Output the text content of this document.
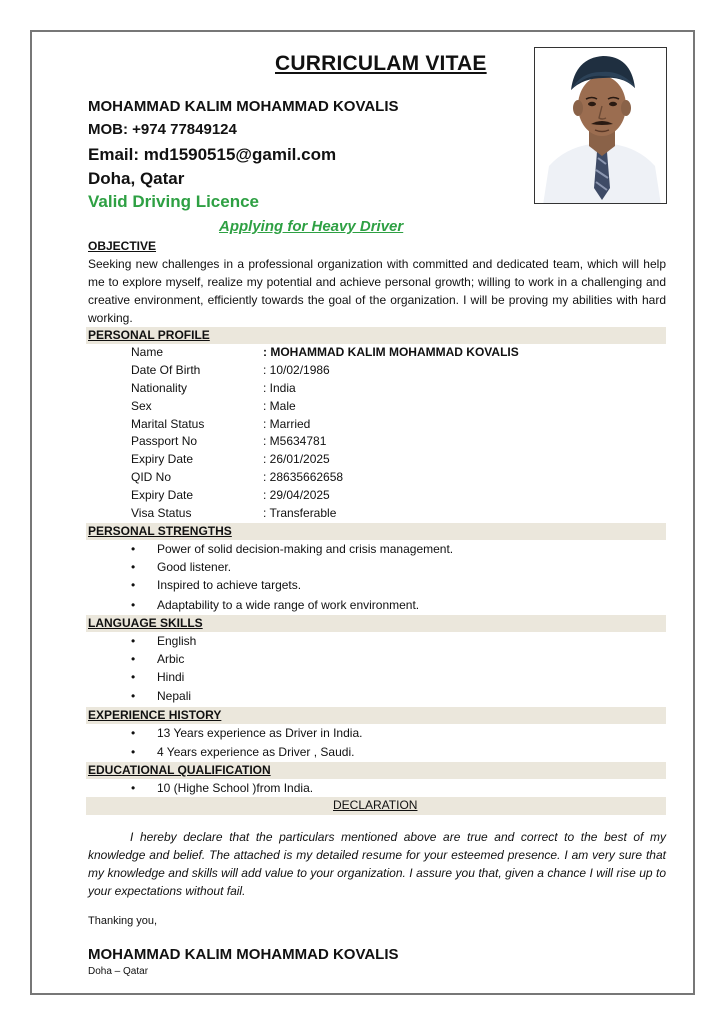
CURRICULAM VITAE
MOHAMMAD KALIM MOHAMMAD KOVALIS
MOB: +974 77849124
Email: md1590515@gamil.com
Doha, Qatar
Valid Driving Licence
Applying for Heavy Driver
OBJECTIVE
Seeking new challenges in a professional organization with committed and dedicated team, which will help me to explore myself, realize my potential and achieve personal growth; willing to work in a challenging and creative environment, efficiently towards the goal of the organization. I will be proving my abilities with hard working.
PERSONAL PROFILE
Name	: MOHAMMAD KALIM MOHAMMAD KOVALIS
Date Of Birth	: 10/02/1986
Nationality	: India
Sex	: Male
Marital Status	: Married
Passport No	: M5634781
Expiry Date	: 26/01/2025
QID No	: 28635662658
Expiry Date	: 29/04/2025
Visa Status	: Transferable
PERSONAL STRENGTHS
• Power of solid decision-making and crisis management.
• Good listener.
• Inspired to achieve targets.
• Adaptability to a wide range of work environment.
LANGUAGE SKILLS
• English
• Arbic
• Hindi
• Nepali
EXPERIENCE HISTORY
• 13 Years experience as Driver in India.
• 4 Years experience as Driver , Saudi.
EDUCATIONAL QUALIFICATION
• 10 (Highe School )from India.
DECLARATION
I hereby declare that the particulars mentioned above are true and correct to the best of my knowledge and belief. The attached is my detailed resume for your esteemed presence. I am very sure that my knowledge and skills will add value to your organization. I assure you that, given a chance I will rise up to your expectations without fail.
Thanking you,
MOHAMMAD KALIM MOHAMMAD KOVALIS
Doha – Qatar
